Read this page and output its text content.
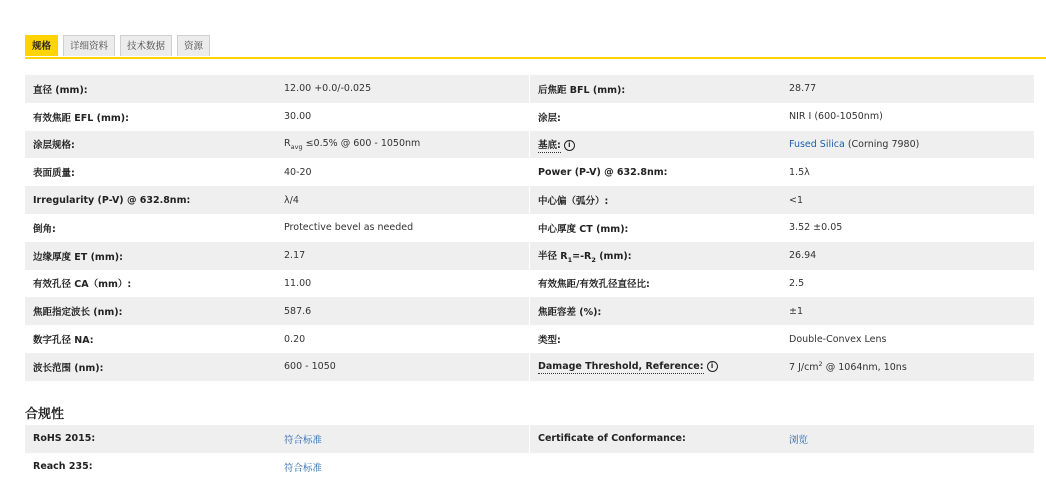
规格	详细资料	技术数据	资源
直径 (mm):	12.00 +0.0/-0.025	后焦距 BFL (mm):	28.77
有效焦距 EFL (mm):	30.00	涂层:	NIR I (600-1050nm)
涂层规格:	$R_{avg} \le 0.5\%$ @ 600 - 1050nm	基底: i	Fused Silica (Corning 7980)
表面质量:	40-20	Power (P-V) @ 632.8nm:	1.5λ
Irregularity (P-V) @ 632.8nm:	λ/4	中心偏（弧分）:	<1
倒角:	Protective bevel as needed	中心厚度 CT (mm):	3.52 ±0.05
边缘厚度 ET (mm):	2.17	半径 $R_1=-R_2$ (mm):	26.94
有效孔径 CA（mm）:	11.00	有效焦距/有效孔径直径比:	2.5
焦距指定波长 (nm):	587.6	焦距容差 (%):	±1
数字孔径 NA:	0.20	类型:	Double-Convex Lens
波长范围 (nm):	600 - 1050	Damage Threshold, Reference: i	7 $J/cm^2$ @ 1064nm, 10ns
合规性
RoHS 2015:	符合标准	Certificate of Conformance:	浏览
Reach 235:	符合标准		
